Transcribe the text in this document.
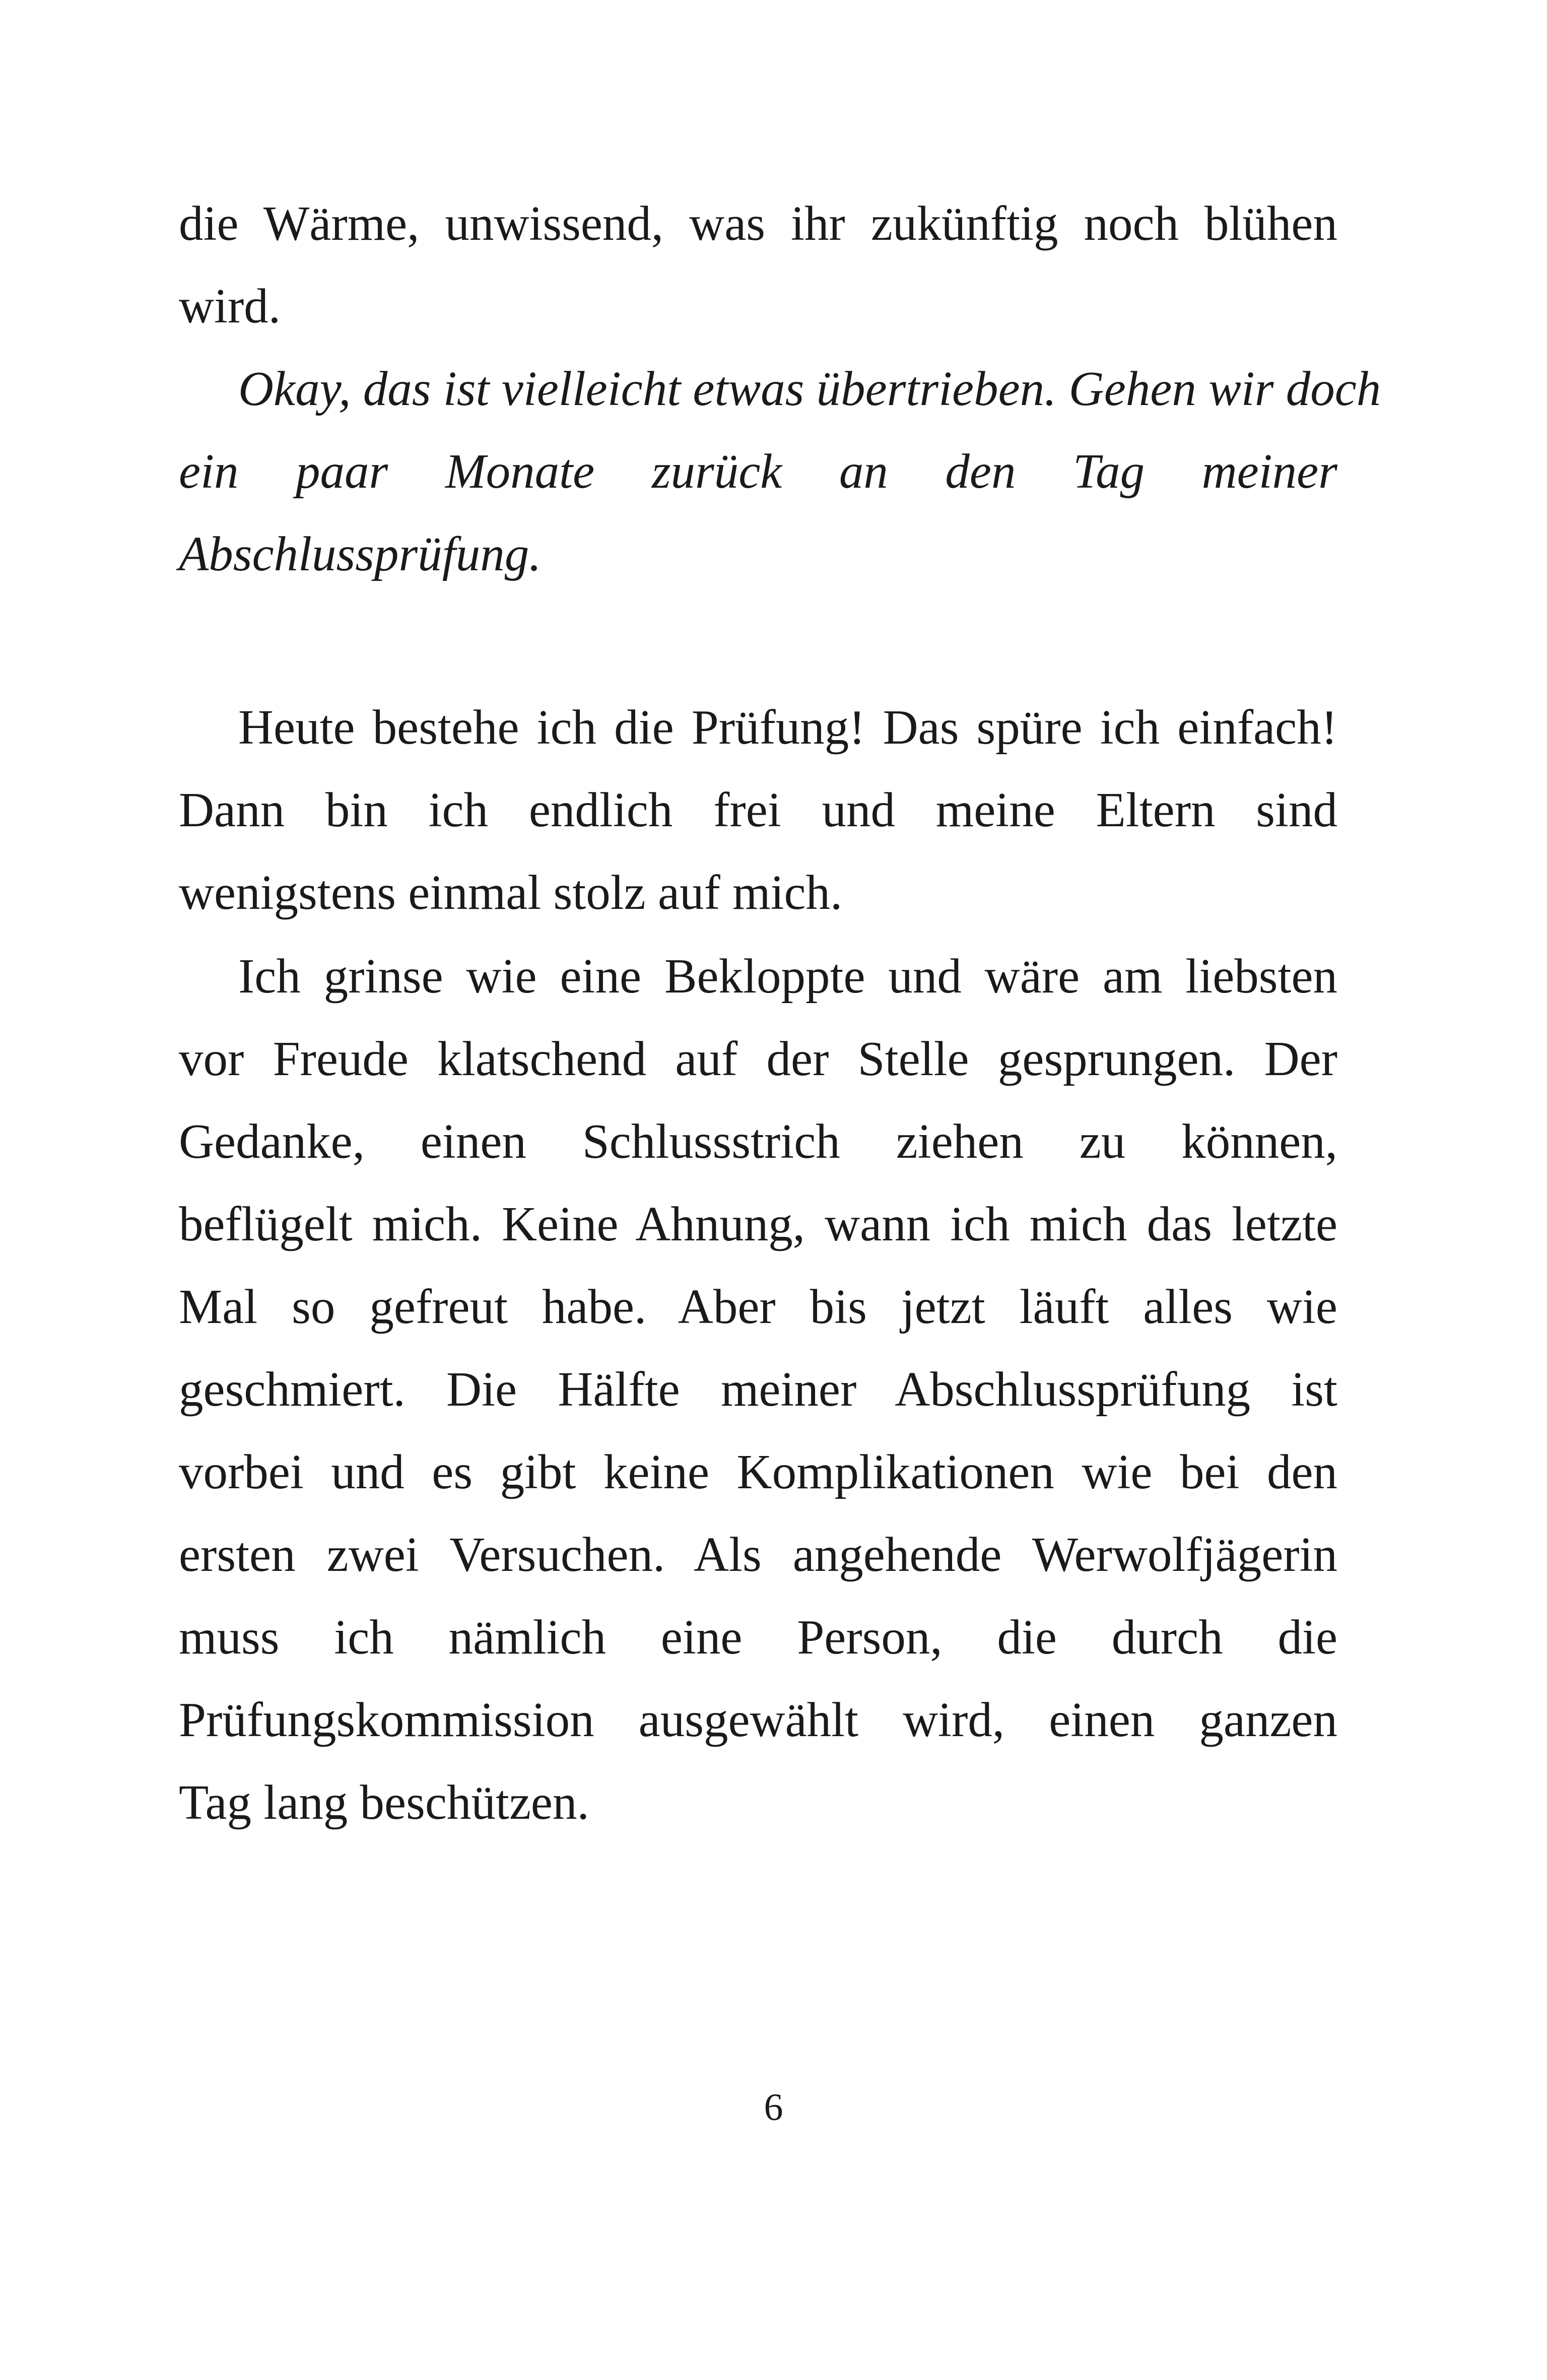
die Wärme, unwissend, was ihr zukünftig noch blühen
wird.
Okay, das ist vielleicht etwas übertrieben. Gehen wir doch
ein paar Monate zurück an den Tag meiner
Abschlussprüfung.
Heute bestehe ich die Prüfung! Das spüre ich einfach!
Dann bin ich endlich frei und meine Eltern sind
wenigstens einmal stolz auf mich.
Ich grinse wie eine Bekloppte und wäre am liebsten
vor Freude klatschend auf der Stelle gesprungen. Der
Gedanke, einen Schlussstrich ziehen zu können,
beflügelt mich. Keine Ahnung, wann ich mich das letzte
Mal so gefreut habe. Aber bis jetzt läuft alles wie
geschmiert. Die Hälfte meiner Abschlussprüfung ist
vorbei und es gibt keine Komplikationen wie bei den
ersten zwei Versuchen. Als angehende Werwolfjägerin
muss ich nämlich eine Person, die durch die
Prüfungskommission ausgewählt wird, einen ganzen
Tag lang beschützen.
6
